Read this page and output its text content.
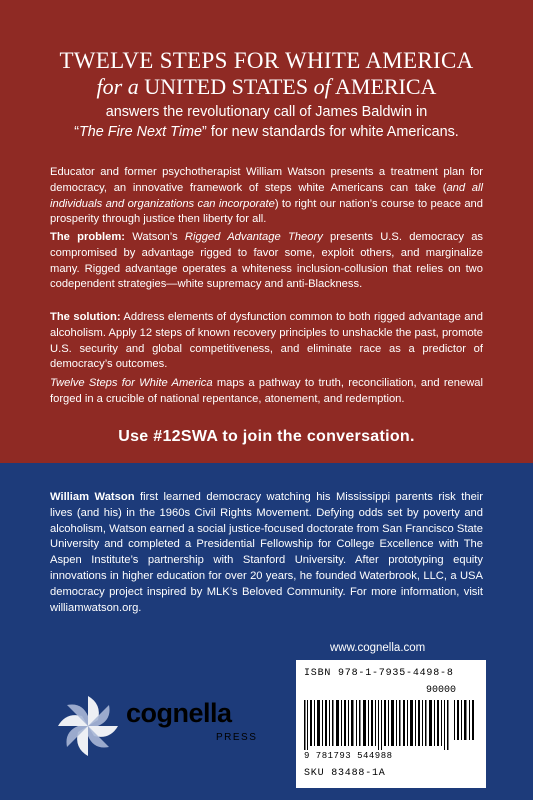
TWELVE STEPS FOR WHITE AMERICA
for a UNITED STATES of AMERICA
answers the revolutionary call of James Baldwin in
“The Fire Next Time” for new standards for white Americans.

Educator and former psychotherapist William Watson presents a treatment plan for democracy, an innovative framework of steps white Americans can take (and all individuals and organizations can incorporate) to right our nation’s course to peace and prosperity through justice then liberty for all.

The problem: Watson’s Rigged Advantage Theory presents U.S. democracy as compromised by advantage rigged to favor some, exploit others, and marginalize many. Rigged advantage operates a whiteness inclusion-collusion that relies on two codependent strategies—white supremacy and anti-Blackness.

The solution: Address elements of dysfunction common to both rigged advantage and alcoholism. Apply 12 steps of known recovery principles to unshackle the past, promote U.S. security and global competitiveness, and eliminate race as a predictor of democracy’s outcomes.

Twelve Steps for White America maps a pathway to truth, reconciliation, and renewal forged in a crucible of national repentance, atonement, and redemption.

Use #12SWA to join the conversation.

William Watson first learned democracy watching his Mississippi parents risk their lives (and his) in the 1960s Civil Rights Movement. Defying odds set by poverty and alcoholism, Watson earned a social justice-focused doctorate from San Francisco State University and completed a Presidential Fellowship for College Excellence with The Aspen Institute’s partnership with Stanford University. After prototyping equity innovations in higher education for over 20 years, he founded Waterbrook, LLC, a USA democracy project inspired by MLK’s Beloved Community. For more information, visit williamwatson.org.

www.cognella.com
ISBN 978-1-7935-4498-8
90000
9 781793 544988
SKU 83488-1A
cognella
PRESS
